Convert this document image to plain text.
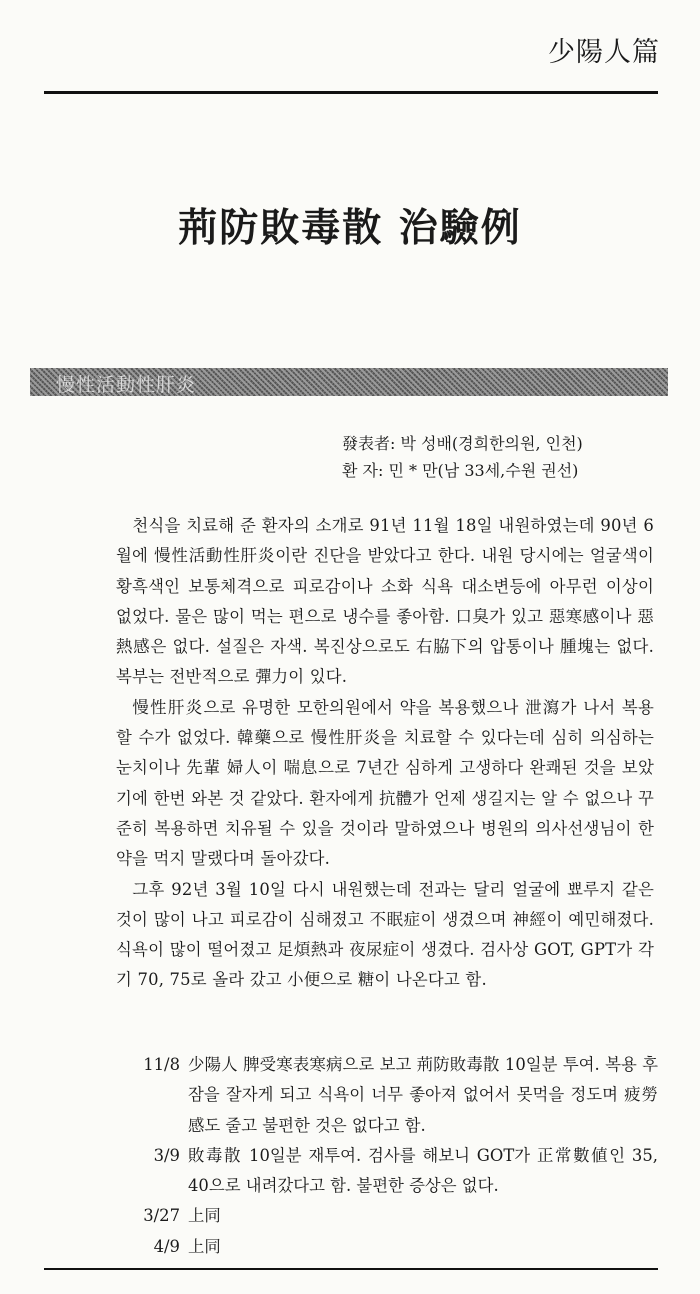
少陽人篇
荊防敗毒散 治驗例
慢性活動性肝炎
發表者: 박 성배(경희한의원, 인천)
환 자: 민 * 만(남 33세,수원 권선)

천식을 치료해 준 환자의 소개로 91년 11월 18일 내원하였는데 90년 6월에 慢性活動性肝炎이란 진단을 받았다고 한다. 내원 당시에는 얼굴색이 황흑색인 보통체격으로 피로감이나 소화 식욕 대소변등에 아무런 이상이 없었다. 물은 많이 먹는 편으로 냉수를 좋아함. 口臭가 있고 惡寒感이나 惡熱感은 없다. 설질은 자색. 복진상으로도 右脇下의 압통이나 腫塊는 없다. 복부는 전반적으로 彈力이 있다.

慢性肝炎으로 유명한 모한의원에서 약을 복용했으나 泄瀉가 나서 복용할 수가 없었다. 韓藥으로 慢性肝炎을 치료할 수 있다는데 심히 의심하는 눈치이나 先輩 婦人이 喘息으로 7년간 심하게 고생하다 완쾌된 것을 보았기에 한번 와본 것 같았다. 환자에게 抗體가 언제 생길지는 알 수 없으나 꾸준히 복용하면 치유될 수 있을 것이라 말하였으나 병원의 의사선생님이 한약을 먹지 말랬다며 돌아갔다.

그후 92년 3월 10일 다시 내원했는데 전과는 달리 얼굴에 뾰루지 같은 것이 많이 나고 피로감이 심해졌고 不眠症이 생겼으며 神經이 예민해졌다. 식욕이 많이 떨어졌고 足煩熱과 夜尿症이 생겼다. 검사상 GOT, GPT가 각기 70, 75로 올라 갔고 小便으로 糖이 나온다고 함.

11/8 少陽人 脾受寒表寒病으로 보고 荊防敗毒散 10일분 투여. 복용 후 잠을 잘자게 되고 식욕이 너무 좋아져 없어서 못먹을 정도며 疲勞感도 줄고 불편한 것은 없다고 함.
3/9 敗毒散 10일분 재투여. 검사를 해보니 GOT가 正常數値인 35, 40으로 내려갔다고 함. 불편한 증상은 없다.
3/27 上同
4/9 上同
